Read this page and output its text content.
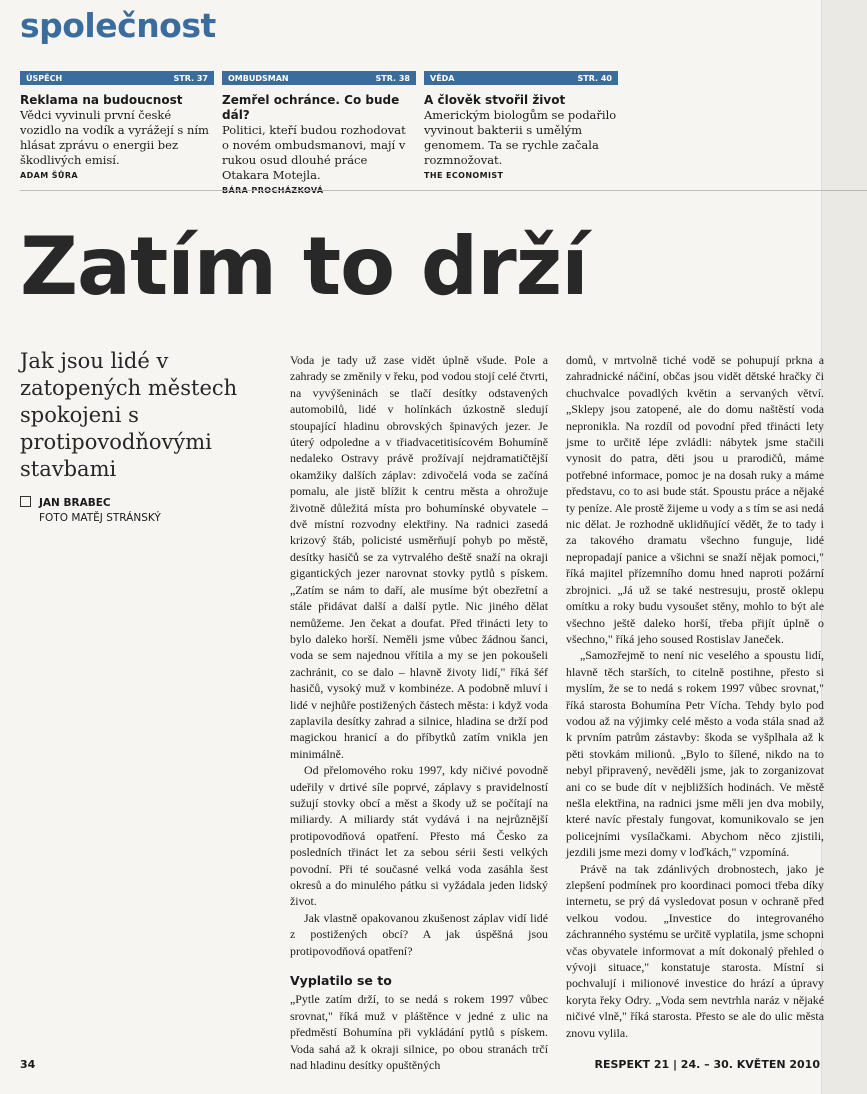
společnost
ÚSPĚCH	STR. 37
Reklama na budoucnost
Vědci vyvinuli první české vozidlo na vodík a vyrážejí s ním hlásat zprávu o energii bez škodlivých emisí.
ADAM ŠŮRA
OMBUDSMAN	STR. 38
Zemřel ochránce. Co bude dál?
Politici, kteří budou rozhodovat o novém ombudsmanovi, mají v rukou osud dlouhé práce Otakara Motejla.
BÁRA PROCHÁZKOVÁ
VĚDA	STR. 40
A člověk stvořil život
Americkým biologům se podařilo vyvinout bakterii s umělým genomem. Ta se rychle začala rozmnožovat.
THE ECONOMIST
Zatím to drží
Jak jsou lidé v zatopených městech spokojeni s protipovodňovými stavbami
JAN BRABEC
FOTO MATĚJ STRÁNSKÝ

Voda je tady už zase vidět úplně všude. Pole a zahrady se změnily v řeku, pod vodou stojí celé čtvrti, na vyvýšeninách se tlačí desítky odstavených automobilů, lidé v holínkách úzkostně sledují stoupající hladinu obrovských špinavých jezer. Je úterý odpoledne a v třiadvacetitisícovém Bohumíně nedaleko Ostravy právě prožívají nejdramatičtější okamžiky dalších záplav: zdivočelá voda se začíná pomalu, ale jistě blížit k centru města a ohrožuje životně důležitá místa pro bohumínské obyvatele – dvě místní rozvodny elektřiny. Na radnici zasedá krizový štáb, policisté usměrňují pohyb po městě, desítky hasičů se za vytrvalého deště snaží na okraji gigantických jezer narovnat stovky pytlů s pískem. „Zatím se nám to daří, ale musíme být obezřetní a stále přidávat další a další pytle. Nic jiného dělat nemůžeme. Jen čekat a doufat. Před třinácti lety to bylo daleko horší. Neměli jsme vůbec žádnou šanci, voda se sem najednou vřítila a my se jen pokoušeli zachránit, co se dalo – hlavně životy lidí," říká šéf hasičů, vysoký muž v kombinéze. A podobně mluví i lidé v nejhůře postižených částech města: i když voda zaplavila desítky zahrad a silnice, hladina se drží pod magickou hranicí a do příbytků zatím vnikla jen minimálně.

Od přelomového roku 1997, kdy ničivé povodně udeřily v drtivé síle poprvé, záplavy s pravidelností sužují stovky obcí a měst a škody už se počítají na miliardy. A miliardy stát vydává i na nejrůznější protipovodňová opatření. Přesto má Česko za posledních třináct let za sebou sérii šesti velkých povodní. Při té současné velká voda zasáhla šest okresů a do minulého pátku si vyžádala jeden lidský život.

Jak vlastně opakovanou zkušenost záplav vidí lidé z postižených obcí? A jak úspěšná jsou protipovodňová opatření?

Vyplatilo se to

„Pytle zatím drží, to se nedá s rokem 1997 vůbec srovnat," říká muž v pláštěnce v jedné z ulic na předměstí Bohumína při vykládání pytlů s pískem. Voda sahá až k okraji silnice, po obou stranách trčí nad hladinu desítky opuštěných

domů, v mrtvolně tiché vodě se pohupují prkna a zahradnické náčiní, občas jsou vidět dětské hračky či chuchvalce povadlých květin a servaných větví. „Sklepy jsou zatopené, ale do domu naštěstí voda nepronikla. Na rozdíl od povodní před třinácti lety jsme to určitě lépe zvládli: nábytek jsme stačili vynosit do patra, děti jsou u prarodičů, máme potřebné informace, pomoc je na dosah ruky a máme představu, co to asi bude stát. Spoustu práce a nějaké ty peníze. Ale prostě žijeme u vody a s tím se asi nedá nic dělat. Je rozhodně uklidňující vědět, že to tady i za takového dramatu všechno funguje, lidé nepropadají panice a všichni se snaží nějak pomoci," říká majitel přízemního domu hned naproti požární zbrojnici. „Já už se také nestresuju, prostě oklepu omítku a roky budu vysoušet stěny, mohlo to být ale všechno ještě daleko horší, třeba přijít úplně o všechno," říká jeho soused Rostislav Janeček.

„Samozřejmě to není nic veselého a spoustu lidí, hlavně těch starších, to citelně postihne, přesto si myslím, že se to nedá s rokem 1997 vůbec srovnat," říká starosta Bohumína Petr Vícha. Tehdy bylo pod vodou až na výjimky celé město a voda stála snad až k prvním patrům zástavby: škoda se vyšplhala až k pěti stovkám milionů. „Bylo to šílené, nikdo na to nebyl připravený, nevěděli jsme, jak to zorganizovat ani co se bude dít v nejbližších hodinách. Ve městě nešla elektřina, na radnici jsme měli jen dva mobily, které navíc přestaly fungovat, komunikovalo se jen policejními vysílačkami. Abychom něco zjistili, jezdili jsme mezi domy v loďkách," vzpomíná.

Právě na tak zdánlivých drobnostech, jako je zlepšení podmínek pro koordinaci pomoci třeba díky internetu, se prý dá vysledovat posun v ochraně před velkou vodou. „Investice do integrovaného záchranného systému se určitě vyplatila, jsme schopni včas obyvatele informovat a mít dokonalý přehled o vývoji situace," konstatuje starosta. Místní si pochvalují i milionové investice do hrází a úpravy koryta řeky Odry. „Voda sem nevtrhla naráz v nějaké ničivé vlně," říká starosta. Přesto se ale do ulic města znovu vylila.

34	RESPEKT 21 | 24. – 30. KVĚTEN 2010
